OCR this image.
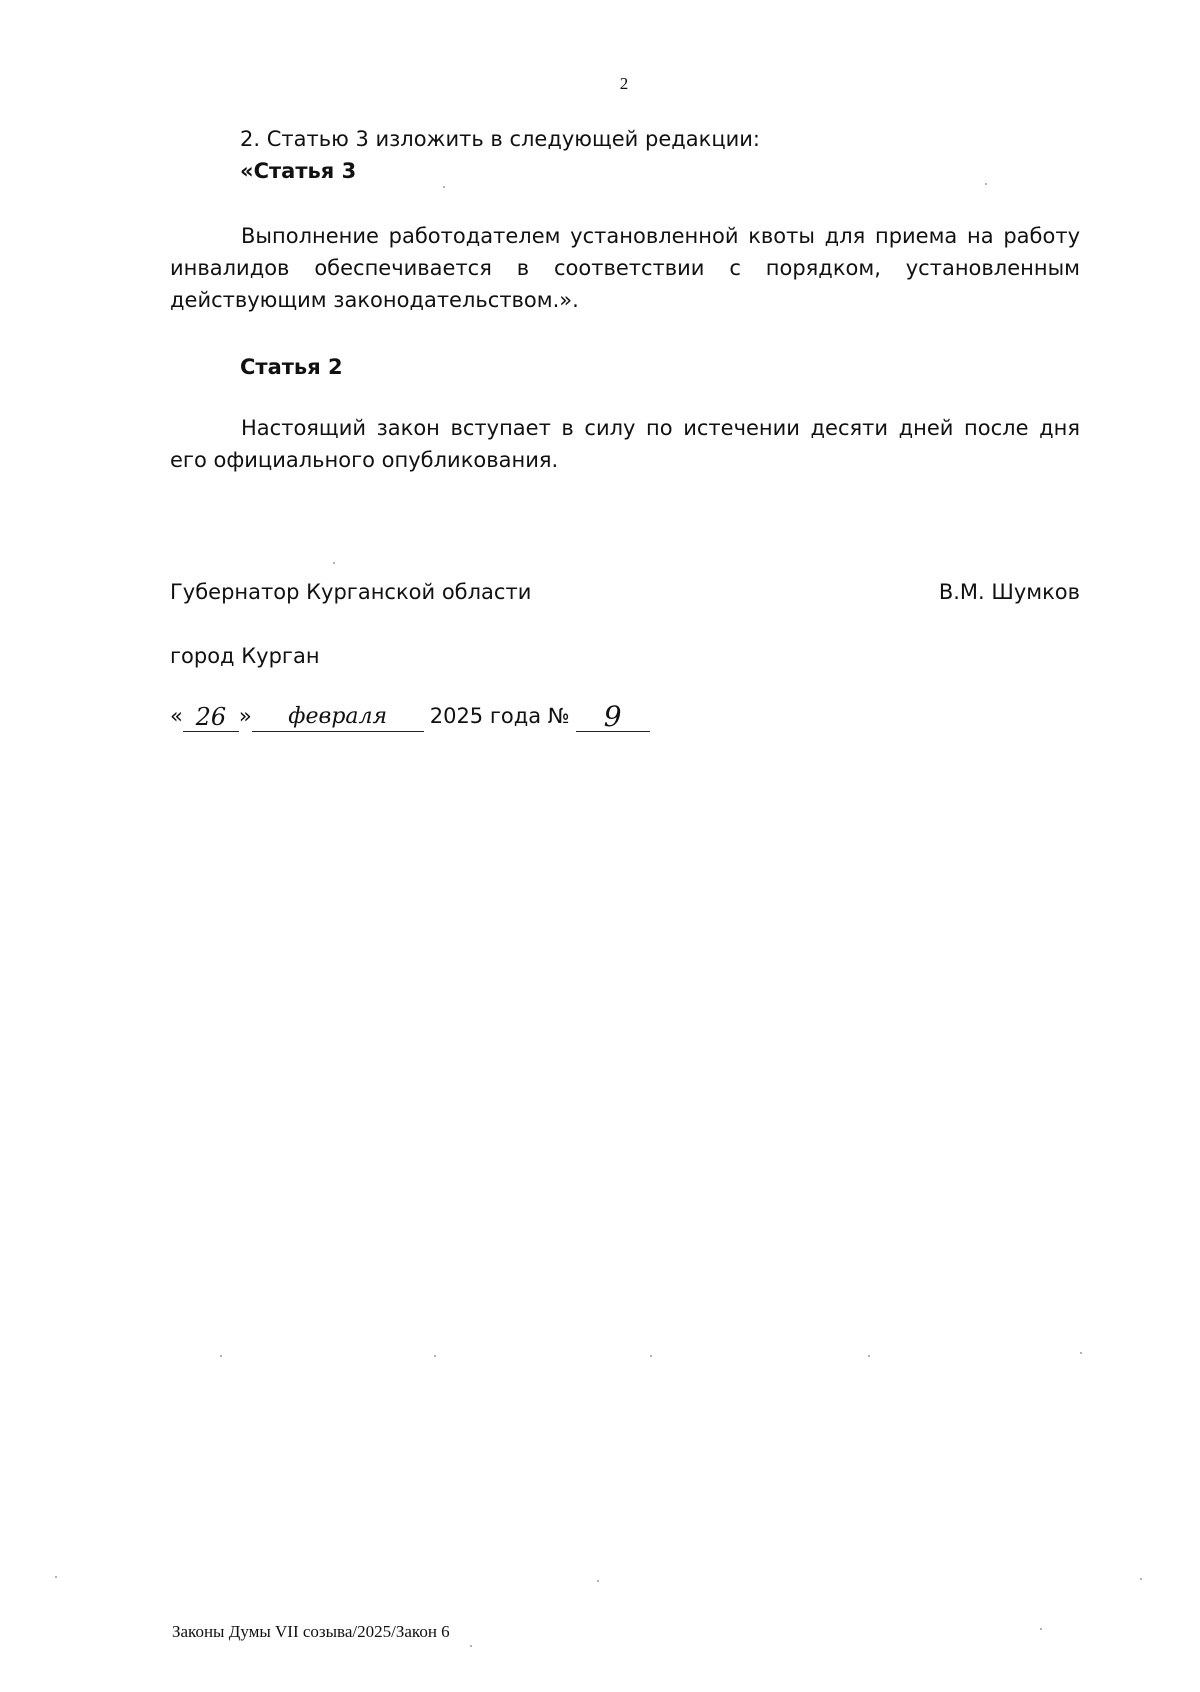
2
2. Статью 3 изложить в следующей редакции:
«Статья 3

Выполнение работодателем установленной квоты для приема на работу инвалидов обеспечивается в соответствии с порядком, установленным действующим законодательством.».

Статья 2

Настоящий закон вступает в силу по истечении десяти дней после дня его официального опубликования.

Губернатор Курганской области	В.М. Шумков
город Курган
« 26 »	февраля	2025 года №	9
Законы Думы VII созыва/2025/Закон 6
